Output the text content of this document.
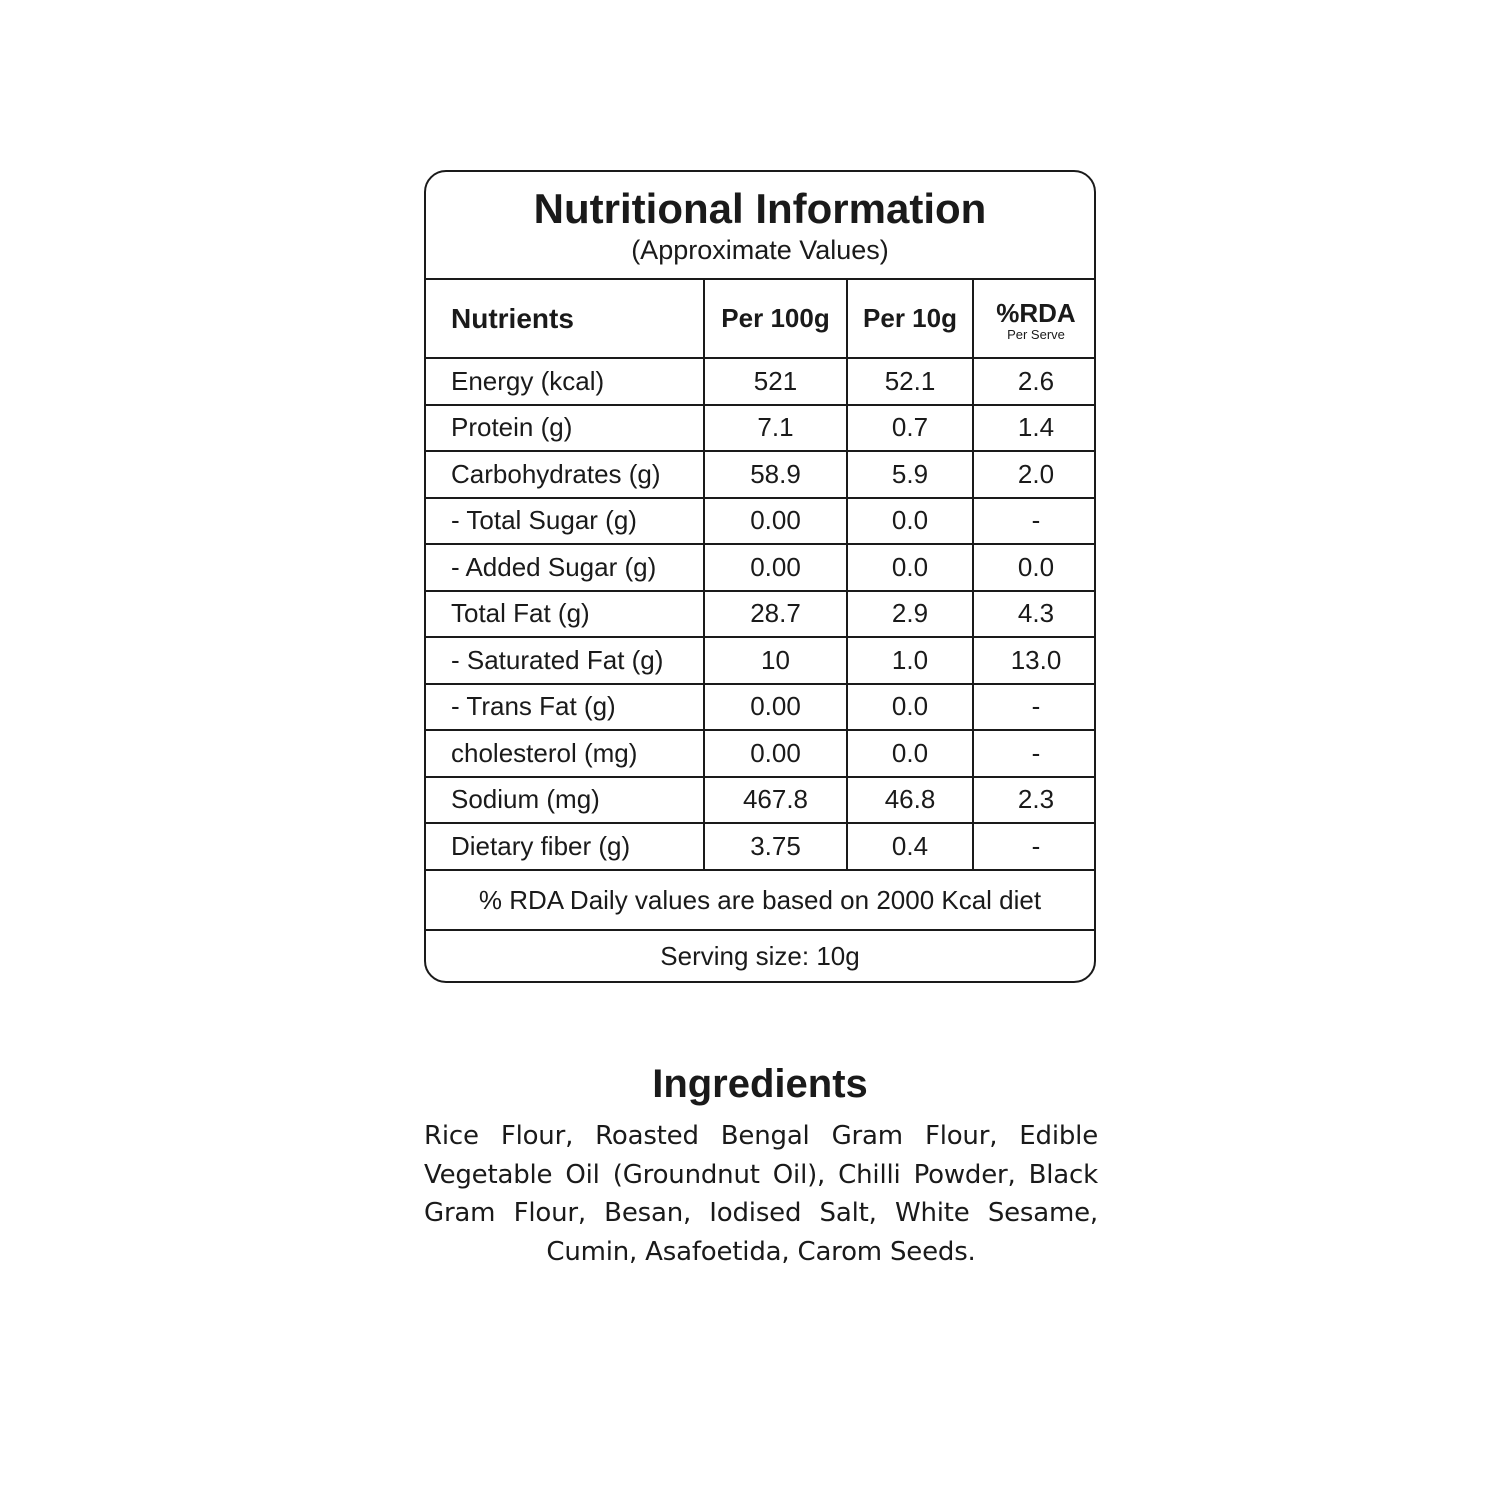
Nutritional Information
(Approximate Values)
Nutrients	Per 100g	Per 10g	%RDA
Per Serve

Energy (kcal)	521	52.1	2.6
Protein (g)	7.1	0.7	1.4
Carbohydrates (g)	58.9	5.9	2.0
- Total Sugar (g)	0.00	0.0	-
- Added Sugar (g)	0.00	0.0	0.0
Total Fat (g)	28.7	2.9	4.3
- Saturated Fat (g)	10	1.0	13.0
- Trans Fat (g)	0.00	0.0	-
cholesterol (mg)	0.00	0.0	-
Sodium (mg)	467.8	46.8	2.3
Dietary fiber (g)	3.75	0.4	-
% RDA Daily values are based on 2000 Kcal diet
Serving size: 10g
Ingredients
Rice Flour, Roasted Bengal Gram Flour, Edible Vegetable Oil (Groundnut Oil), Chilli Powder, Black Gram Flour, Besan, Iodised Salt, White Sesame, Cumin, Asafoetida, Carom Seeds.
